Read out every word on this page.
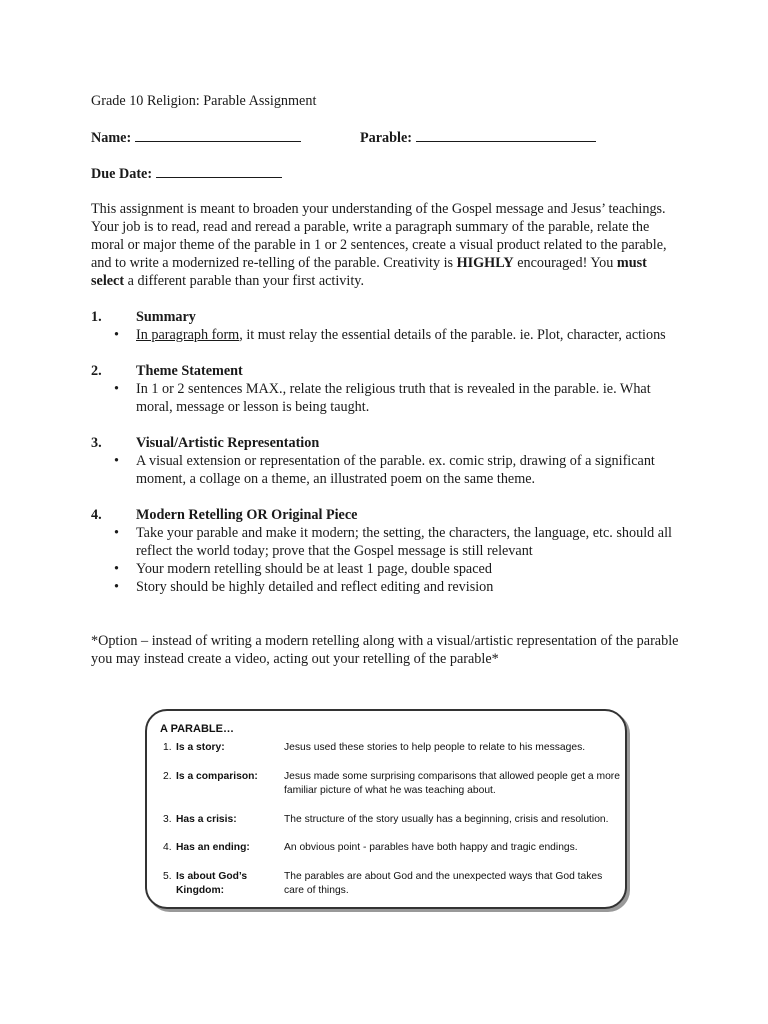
Grade 10 Religion: Parable Assignment
Name:	Parable:
Due Date:

This assignment is meant to broaden your understanding of the Gospel message and Jesus’ teachings. Your job is to read, read and reread a parable, write a paragraph summary of the parable, relate the moral or major theme of the parable in 1 or 2 sentences, create a visual product related to the parable, and to write a modernized re-telling of the parable. Creativity is HIGHLY encouraged! You must select a different parable than your first activity.

1. Summary
• In paragraph form, it must relay the essential details of the parable. ie. Plot, character, actions
2. Theme Statement
• In 1 or 2 sentences MAX., relate the religious truth that is revealed in the parable. ie. What moral, message or lesson is being taught.
3. Visual/Artistic Representation
• A visual extension or representation of the parable. ex. comic strip, drawing of a significant moment, a collage on a theme, an illustrated poem on the same theme.
4. Modern Retelling OR Original Piece
• Take your parable and make it modern; the setting, the characters, the language, etc. should all reflect the world today; prove that the Gospel message is still relevant
• Your modern retelling should be at least 1 page, double spaced
• Story should be highly detailed and reflect editing and revision
*Option – instead of writing a modern retelling along with a visual/artistic representation of the parable you may instead create a video, acting out your retelling of the parable*
A PARABLE…
1. Is a story:	Jesus used these stories to help people to relate to his messages.
2. Is a comparison:	Jesus made some surprising comparisons that allowed people get a more familiar picture of what he was teaching about.
3. Has a crisis:	The structure of the story usually has a beginning, crisis and resolution.
4. Has an ending:	An obvious point - parables have both happy and tragic endings.
5. Is about God’s Kingdom:
The parables are about God and the unexpected ways that God takes care of things.
